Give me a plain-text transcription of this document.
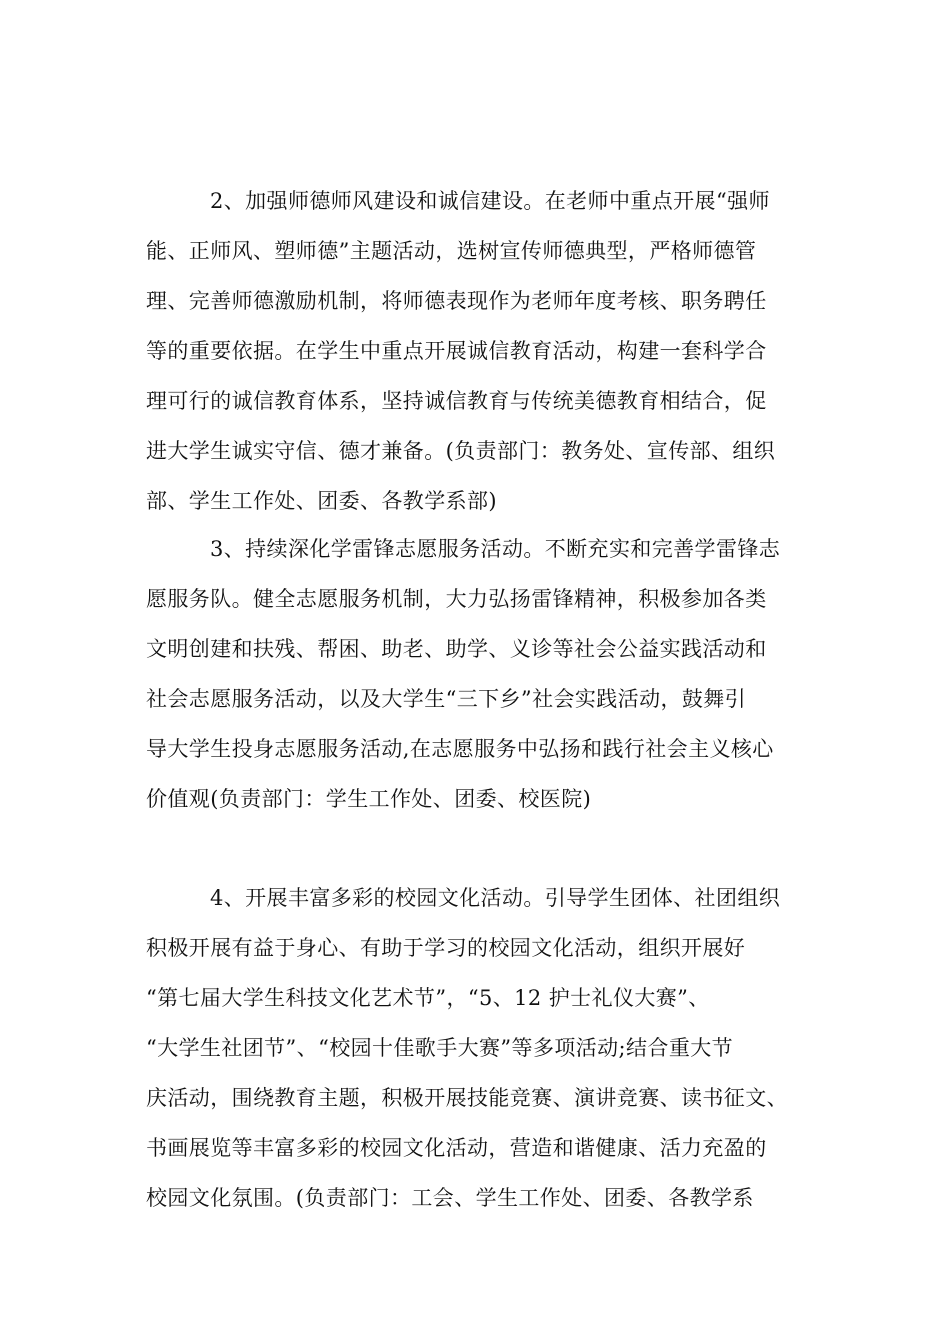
2、加强师德师风建设和诚信建设。在老师中重点开展“强师
能、正师风、塑师德”主题活动，选树宣传师德典型，严格师德管
理、完善师德激励机制，将师德表现作为老师年度考核、职务聘任
等的重要依据。在学生中重点开展诚信教育活动，构建一套科学合
理可行的诚信教育体系，坚持诚信教育与传统美德教育相结合，促
进大学生诚实守信、德才兼备。(负责部门：教务处、宣传部、组织
部、学生工作处、团委、各教学系部)
3、持续深化学雷锋志愿服务活动。不断充实和完善学雷锋志
愿服务队。健全志愿服务机制，大力弘扬雷锋精神，积极参加各类
文明创建和扶残、帮困、助老、助学、义诊等社会公益实践活动和
社会志愿服务活动，以及大学生“三下乡”社会实践活动，鼓舞引
导大学生投身志愿服务活动,在志愿服务中弘扬和践行社会主义核心
价值观(负责部门：学生工作处、团委、校医院)
4、开展丰富多彩的校园文化活动。引导学生团体、社团组织
积极开展有益于身心、有助于学习的校园文化活动，组织开展好
“第七届大学生科技文化艺术节”，“5、12 护士礼仪大赛”、
“大学生社团节”、“校园十佳歌手大赛”等多项活动;结合重大节
庆活动，围绕教育主题，积极开展技能竞赛、演讲竞赛、读书征文、
书画展览等丰富多彩的校园文化活动，营造和谐健康、活力充盈的
校园文化氛围。(负责部门：工会、学生工作处、团委、各教学系
